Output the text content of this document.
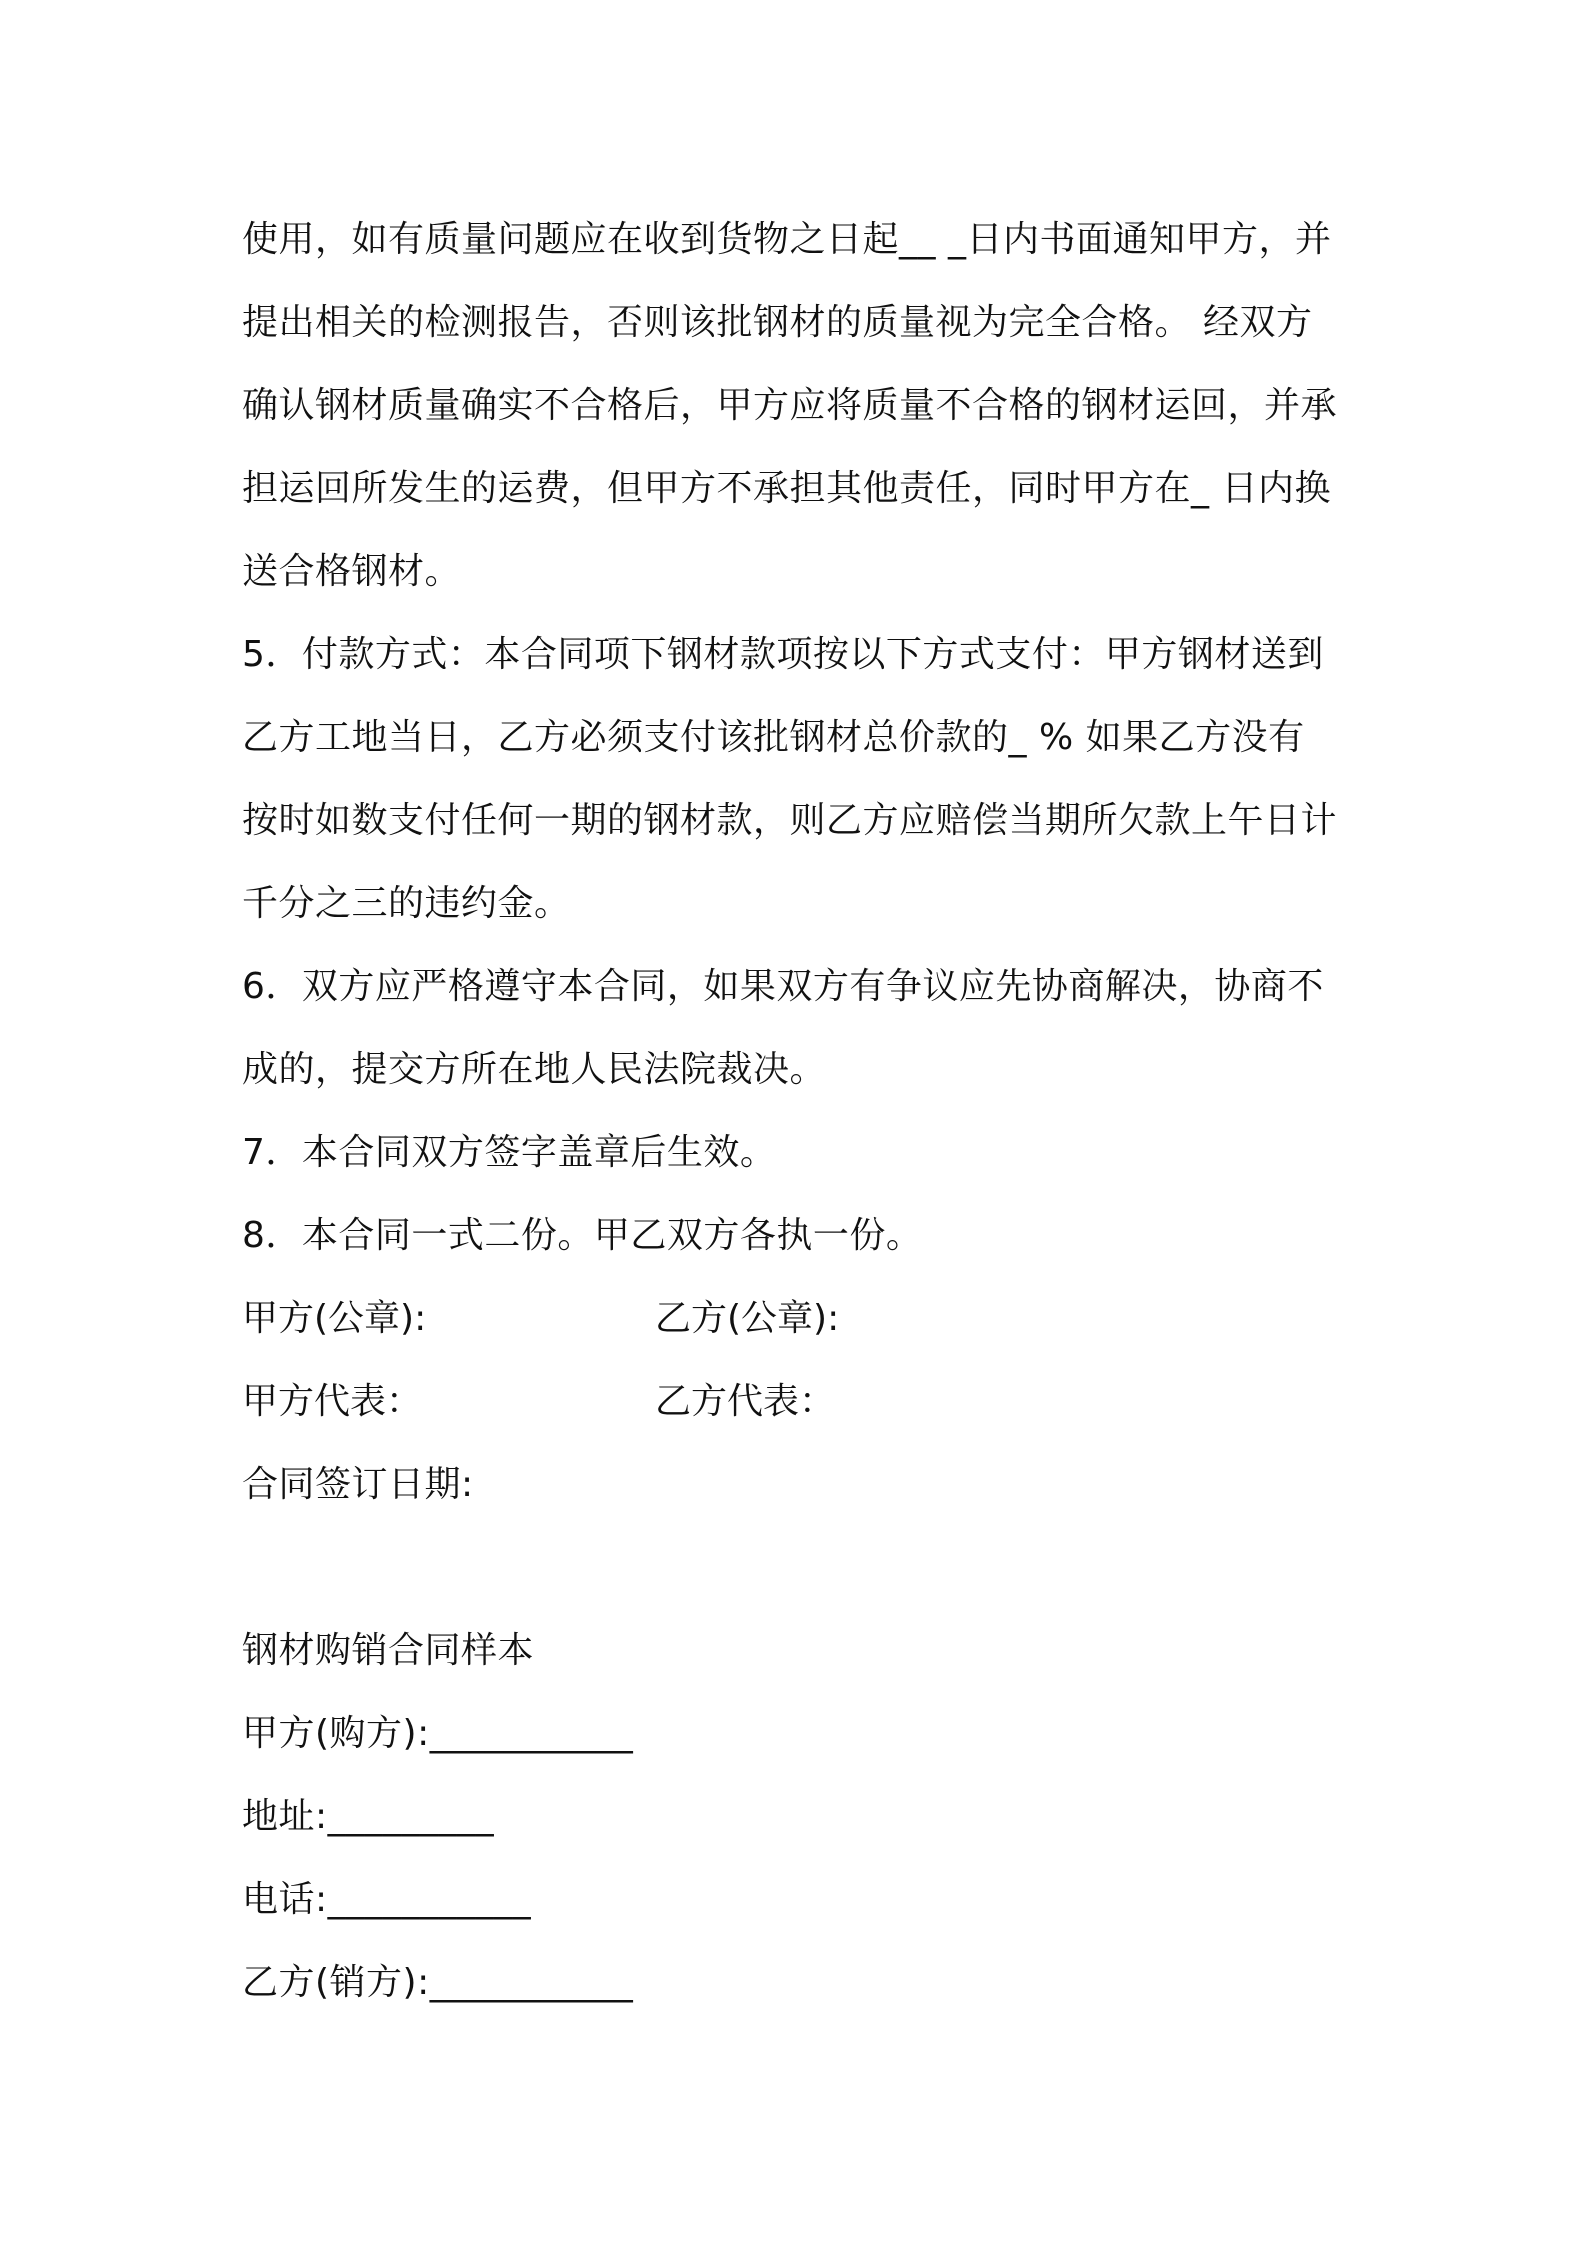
使用，如有质量问题应在收到货物之日起__ _日内书面通知甲方，并
提出相关的检测报告，否则该批钢材的质量视为完全合格。 经双方
确认钢材质量确实不合格后，甲方应将质量不合格的钢材运回，并承
担运回所发生的运费，但甲方不承担其他责任，同时甲方在_ 日内换
送合格钢材。
5．付款方式：本合同项下钢材款项按以下方式支付：甲方钢材送到
乙方工地当日，乙方必须支付该批钢材总价款的_ % 如果乙方没有
按时如数支付任何一期的钢材款，则乙方应赔偿当期所欠款上午日计
千分之三的违约金。
6．双方应严格遵守本合同，如果双方有争议应先协商解决，协商不
成的，提交方所在地人民法院裁决。
7．本合同双方签字盖章后生效。
8．本合同一式二份。甲乙双方各执一份。

甲方(公章):

	乙方(公章):

甲方代表：

	乙方代表：

合同签订日期:
钢材购销合同样本
甲方(购方):___________
地址:_________
电话:___________
乙方(销方):___________
